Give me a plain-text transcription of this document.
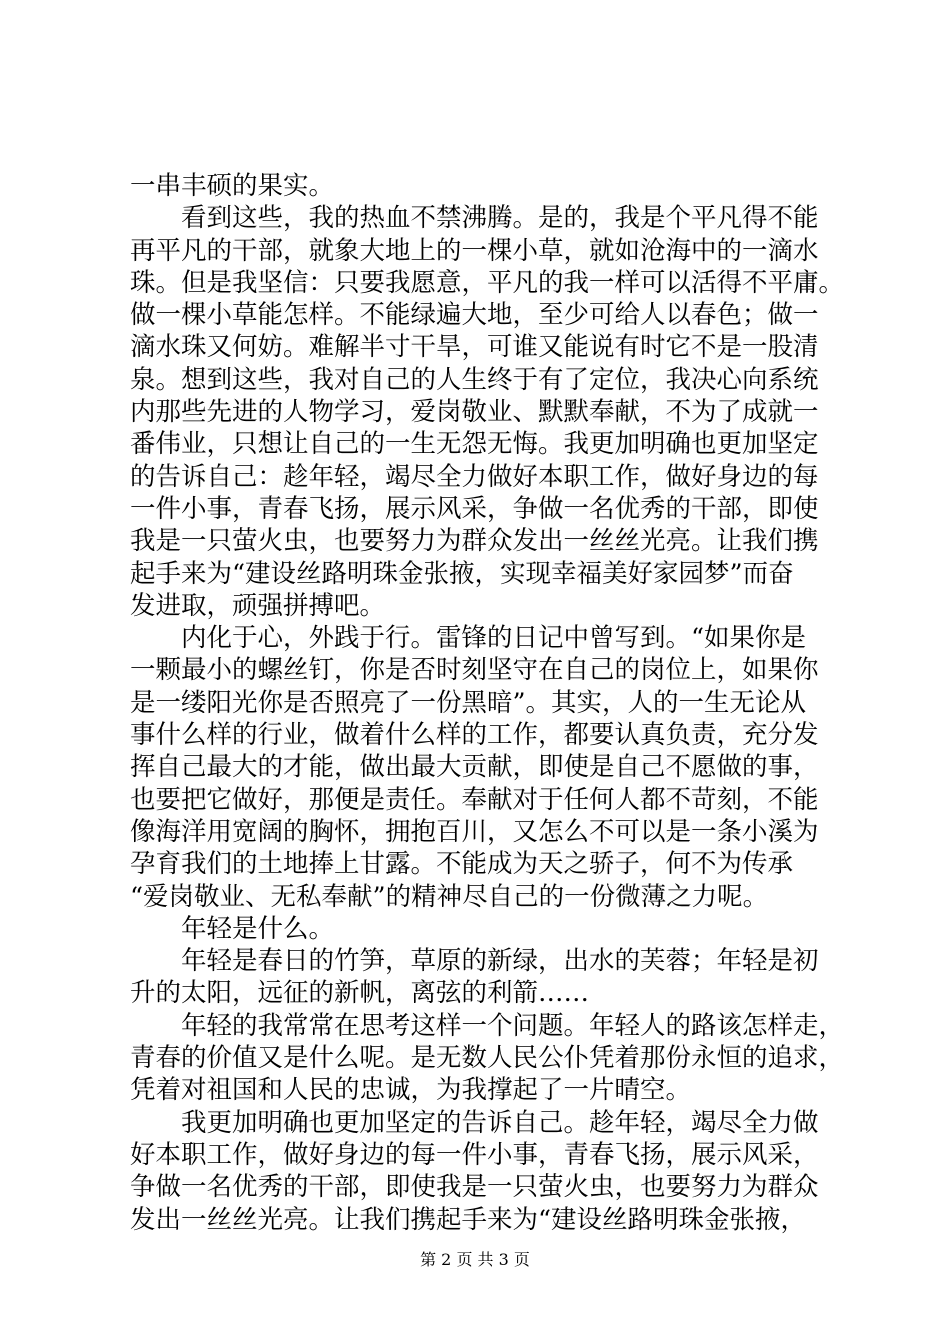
一串丰硕的果实。
　　看到这些，我的热血不禁沸腾。是的，我是个平凡得不能
再平凡的干部，就象大地上的一棵小草，就如沧海中的一滴水
珠。但是我坚信：只要我愿意，平凡的我一样可以活得不平庸。
做一棵小草能怎样。不能绿遍大地，至少可给人以春色；做一
滴水珠又何妨。难解半寸干旱，可谁又能说有时它不是一股清
泉。想到这些，我对自己的人生终于有了定位，我决心向系统
内那些先进的人物学习，爱岗敬业、默默奉献，不为了成就一
番伟业，只想让自己的一生无怨无悔。我更加明确也更加坚定
的告诉自己：趁年轻，竭尽全力做好本职工作，做好身边的每
一件小事，青春飞扬，展示风采，争做一名优秀的干部，即使
我是一只萤火虫，也要努力为群众发出一丝丝光亮。让我们携
起手来为“建设丝路明珠金张掖，实现幸福美好家园梦”而奋
发进取，顽强拼搏吧。
　　内化于心，外践于行。雷锋的日记中曾写到。“如果你是
一颗最小的螺丝钉，你是否时刻坚守在自己的岗位上，如果你
是一缕阳光你是否照亮了一份黑暗”。其实，人的一生无论从
事什么样的行业，做着什么样的工作，都要认真负责，充分发
挥自己最大的才能，做出最大贡献，即使是自己不愿做的事，
也要把它做好，那便是责任。奉献对于任何人都不苛刻，不能
像海洋用宽阔的胸怀，拥抱百川，又怎么不可以是一条小溪为
孕育我们的土地捧上甘露。不能成为天之骄子，何不为传承
“爱岗敬业、无私奉献”的精神尽自己的一份微薄之力呢。
　　年轻是什么。
　　年轻是春日的竹笋，草原的新绿，出水的芙蓉；年轻是初
升的太阳，远征的新帆，离弦的利箭‥‥‥
　　年轻的我常常在思考这样一个问题。年轻人的路该怎样走，
青春的价值又是什么呢。是无数人民公仆凭着那份永恒的追求，
凭着对祖国和人民的忠诚，为我撑起了一片晴空。
　　我更加明确也更加坚定的告诉自己。趁年轻，竭尽全力做
好本职工作，做好身边的每一件小事，青春飞扬，展示风采，
争做一名优秀的干部，即使我是一只萤火虫，也要努力为群众
发出一丝丝光亮。让我们携起手来为“建设丝路明珠金张掖，
第 2 页 共 3 页
